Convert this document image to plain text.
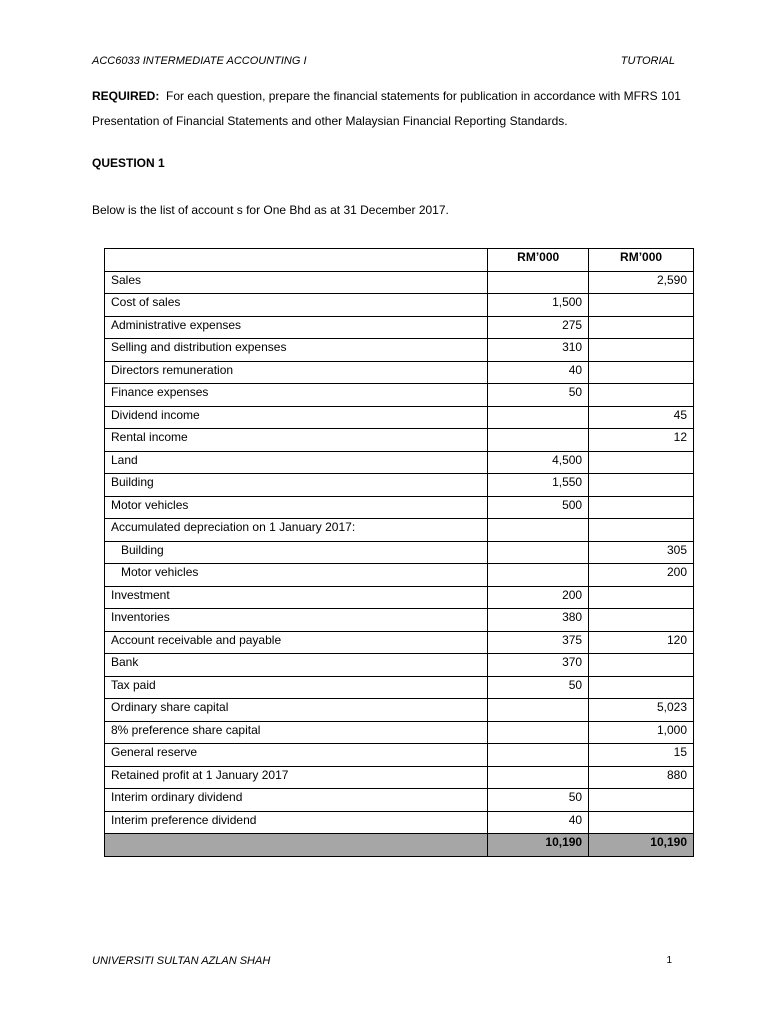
ACC6033 INTERMEDIATE ACCOUNTING I	TUTORIAL
REQUIRED: For each question, prepare the financial statements for publication in accordance with MFRS 101 Presentation of Financial Statements and other Malaysian Financial Reporting Standards.
QUESTION 1
Below is the list of account s for One Bhd as at 31 December 2017.
	RM’000	RM’000
Sales		2,590
Cost of sales	1,500	
Administrative expenses	275	
Selling and distribution expenses	310	
Directors remuneration	40	
Finance expenses	50	
Dividend income		45
Rental income		12
Land	4,500	
Building	1,550	
Motor vehicles	500	
Accumulated depreciation on 1 January 2017:		
Building		305
Motor vehicles		200
Investment	200	
Inventories	380	
Account receivable and payable	375	120
Bank	370	
Tax paid	50	
Ordinary share capital		5,023
8% preference share capital		1,000
General reserve		15
Retained profit at 1 January 2017		880
Interim ordinary dividend	50	
Interim preference dividend	40	
	10,190	10,190
UNIVERSITI SULTAN AZLAN SHAH	1
